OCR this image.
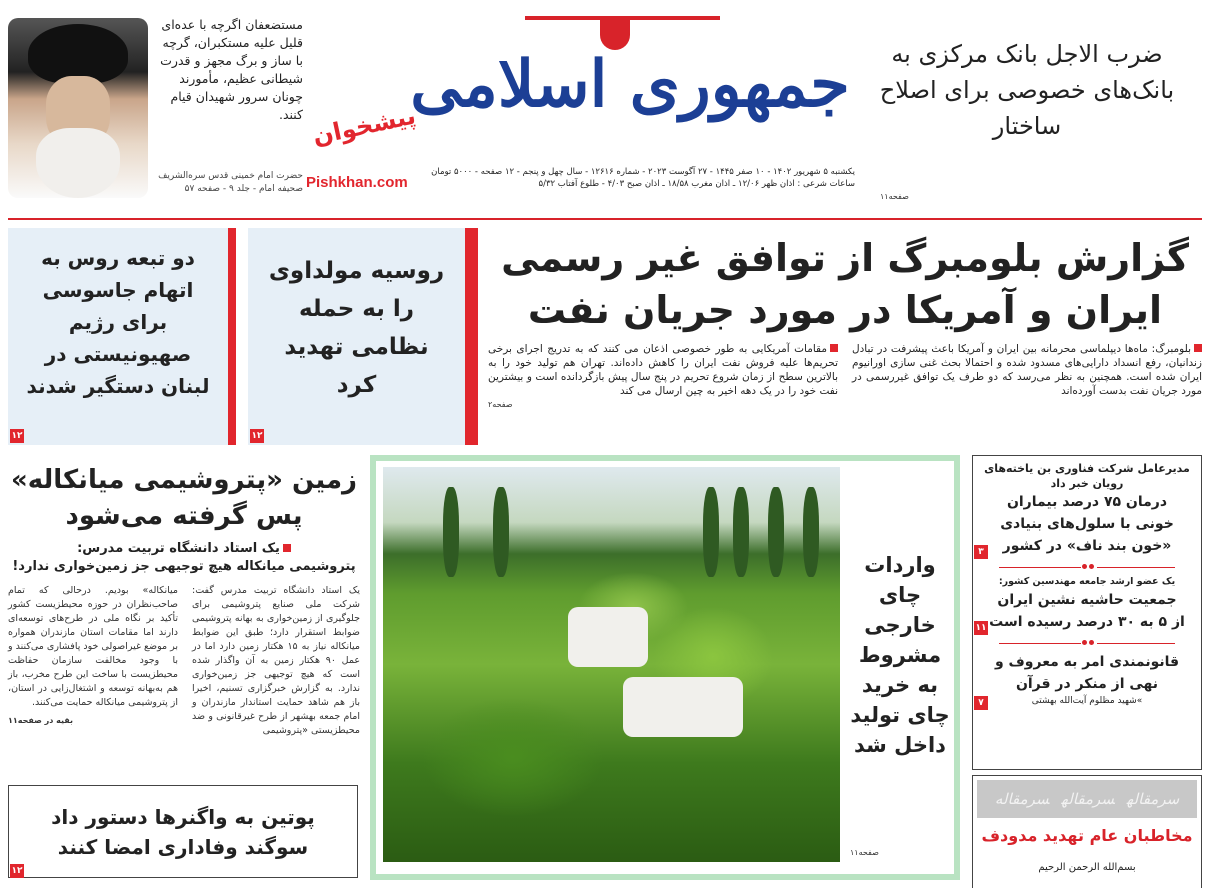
مستضعفان اگرچه با عده‌ای قلیل علیه مستکبران، گرچه با ساز و برگ مجهز و قدرت شیطانی عظیم، مأمورند چونان سرور شهیدان قیام کنند.
حضرت امام خمینی قدس سره‌الشریف
صحیفه امام - جلد ۹ - صفحه ۵۷
جمهوری اسلامی
پیشخوان
Pishkhan.com
یکشنبه ۵ شهریور ۱۴۰۲ - ۱۰ صفر ۱۴۴۵ - ۲۷ آگوست ۲۰۲۳ - شماره ۱۲۶۱۶ - سال چهل و پنجم - ۱۲ صفحه - ۵۰۰۰ تومان
ساعات شرعی : اذان ظهر ۱۲/۰۶ ـ اذان مغرب ۱۸/۵۸ ـ اذان صبح ۴/۰۳ - طلوع آفتاب ۵/۳۲
ضرب الاجل بانک مرکزی به بانک‌های خصوصی برای اصلاح ساختار
صفحه۱۱
دو تبعه روس به اتهام جاسوسی برای رژیم صهیونیستی در لبنان دستگیر شدند
۱۲
روسیه مولداوی را به حمله نظامی تهدید کرد
۱۲
گزارش بلومبرگ از توافق غیر رسمی ایران و آمریکا در مورد جریان نفت
بلومبرگ: ماه‌ها دیپلماسی محرمانه بین ایران و آمریکا باعث پیشرفت در تبادل زندانیان، رفع انسداد دارایی‌های مسدود شده و احتمالا بحث غنی سازی اورانیوم ایران شده است. همچنین به نظر می‌رسد که دو طرف یک توافق غیررسمی در مورد جریان نفت بدست آورده‌اند
مقامات آمریکایی به طور خصوصی اذعان می کنند که به تدریج اجرای برخی تحریم‌ها علیه فروش نفت ایران را کاهش داده‌اند. تهران هم تولید خود را به بالاترین سطح از زمان شروع تحریم در پنج سال پیش بازگردانده است و بیشترین نفت خود را در یک دهه اخیر به چین ارسال می کند
صفحه۲
زمین «پتروشیمی میانکاله» پس گرفته می‌شود
یک استاد دانشگاه تربیت مدرس:
پتروشیمی میانکاله هیچ توجیهی جز زمین‌خواری ندارد!
یک استاد دانشگاه تربیت مدرس گفت: شرکت ملی صنایع پتروشیمی برای جلوگیری از زمین‌خواری به بهانه پتروشیمی ضوابط استقرار دارد؛ طبق این ضوابط میانکاله نیاز به ۱۵ هکتار زمین دارد اما در عمل ۹۰ هکتار زمین به آن واگذار شده است که هیچ توجیهی جز زمین‌خواری ندارد. به گزارش خبرگزاری تسنیم، اخیرا باز هم شاهد حمایت استاندار مازندران و امام جمعه بهشهر از طرح غیرقانونی و ضد محیطزیستی «پتروشیمی
میانکاله» بودیم. درحالی که تمام صاحب‌نظران در حوزه محیطزیست کشور تأکید بر نگاه ملی در طرح‌های توسعه‌ای دارند اما مقامات استان مازندران همواره بر موضع غیراصولی خود پافشاری می‌کنند و با وجود مخالفت سازمان حفاظت محیطزیست با ساخت این طرح مخرب، باز هم به‌بهانه توسعه و اشتغال‌زایی در استان، از پتروشیمی میانکاله حمایت می‌کنند.
بقیه در صفحه۱۱
پوتین به واگنرها دستور داد سوگند وفاداری امضا کنند
۱۲
واردات چای خارجی مشروط به خرید چای تولید داخل شد
صفحه۱۱
مدیرعامل شرکت فناوری بن یاخته‌های رویان خبر داد
درمان ۷۵ درصد بیماران خونی با سلول‌های بنیادی «خون بند ناف» در کشور
۳
یک عضو ارشد جامعه مهندسین کشور:
جمعیت حاشیه نشین ایران از ۵ به ۳۰ درصد رسیده است
۱۱
قانونمندی امر به معروف و نهی از منکر در قرآن
»شهید مظلوم آیت‌الله بهشتی
۷
سرمقالهسرمقالهسرمقاله
مخاطبان عام تهدید مدودف
بسم‌الله الرحمن الرحیم
